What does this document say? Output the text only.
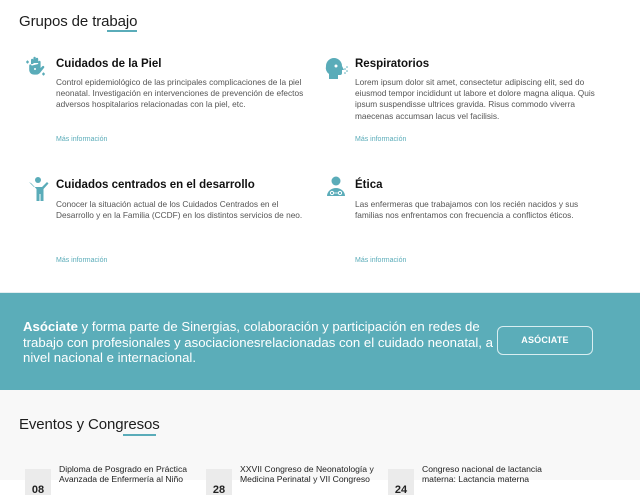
Grupos de trabajo
Cuidados de la Piel
Control epidemiológico de las principales complicaciones de la piel neonatal. Investigación en intervenciones de prevención de efectos adversos hospitalarios relacionadas con la piel, etc.
Más información
Respiratorios
Lorem ipsum dolor sit amet, consectetur adipiscing elit, sed do eiusmod tempor incididunt ut labore et dolore magna aliqua. Quis ipsum suspendisse ultrices gravida. Risus commodo viverra maecenas accumsan lacus vel facilisis.
Más información
Cuidados centrados en el desarrollo
Conocer la situación actual de los Cuidados Centrados en el Desarrollo y en la Familia (CCDF) en los distintos servicios de neo.
Más información
Ética
Las enfermeras que trabajamos con los recién nacidos y sus familias nos enfrentamos con frecuencia a conflictos éticos.
Más información
Asóciate y forma parte de Sinergias, colaboración y participación en redes de trabajo con profesionales y asociacionesrelacionadas con el cuidado neonatal, a nivel nacional e internacional.
ASÓCIATE
Eventos y Congresos
08
Diploma de Posgrado en Práctica
Avanzada de Enfermería al Niño
28
XXVII Congreso de Neonatología y
Medicina Perinatal y VII Congreso
24
Congreso nacional de lactancia
materna: Lactancia materna
